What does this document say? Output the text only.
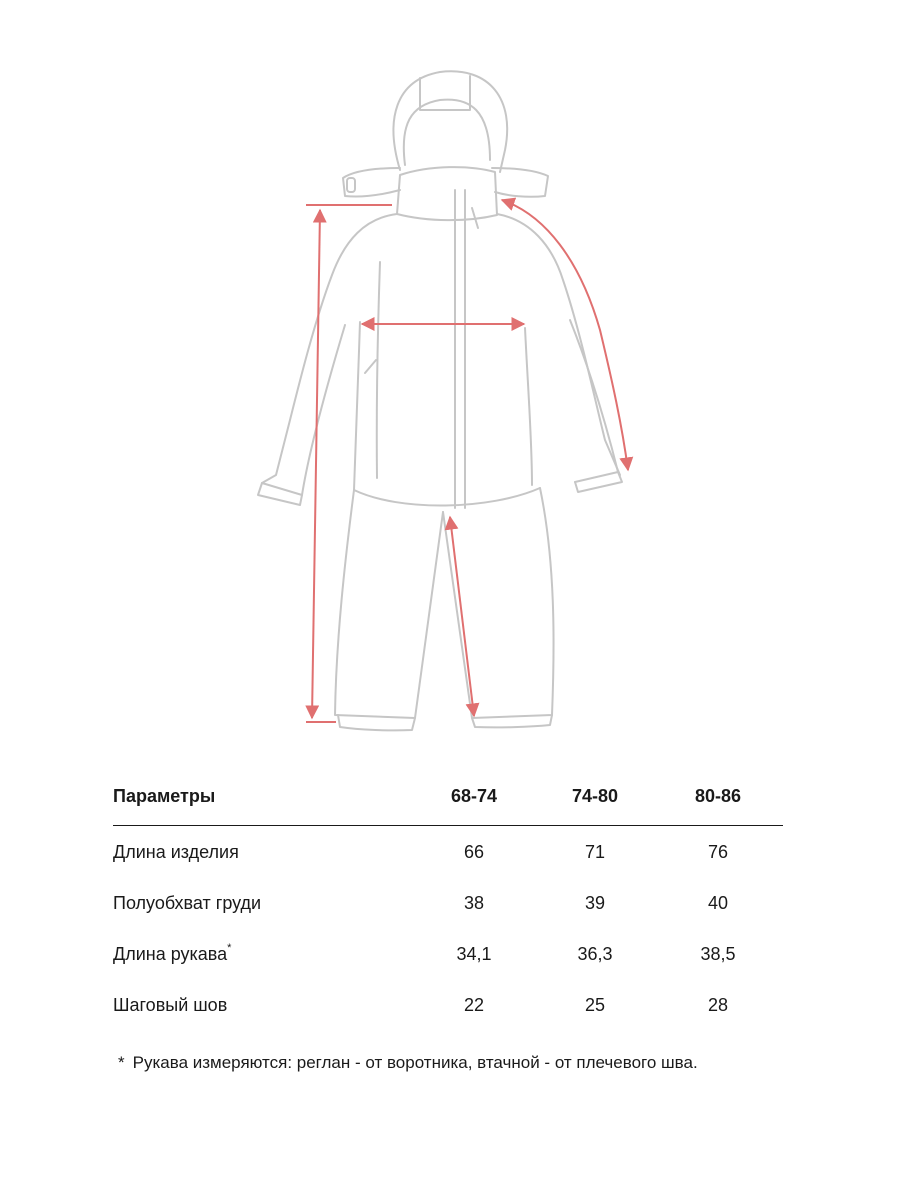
Параметры	68-74	74-80	80-86
Длина изделия	66	71	76
Полуобхват груди	38	39	40
Длина рукава*	34,1	36,3	38,5
Шаговый шов	22	25	28
* Рукава измеряются: реглан - от воротника, втачной - от плечевого шва.
